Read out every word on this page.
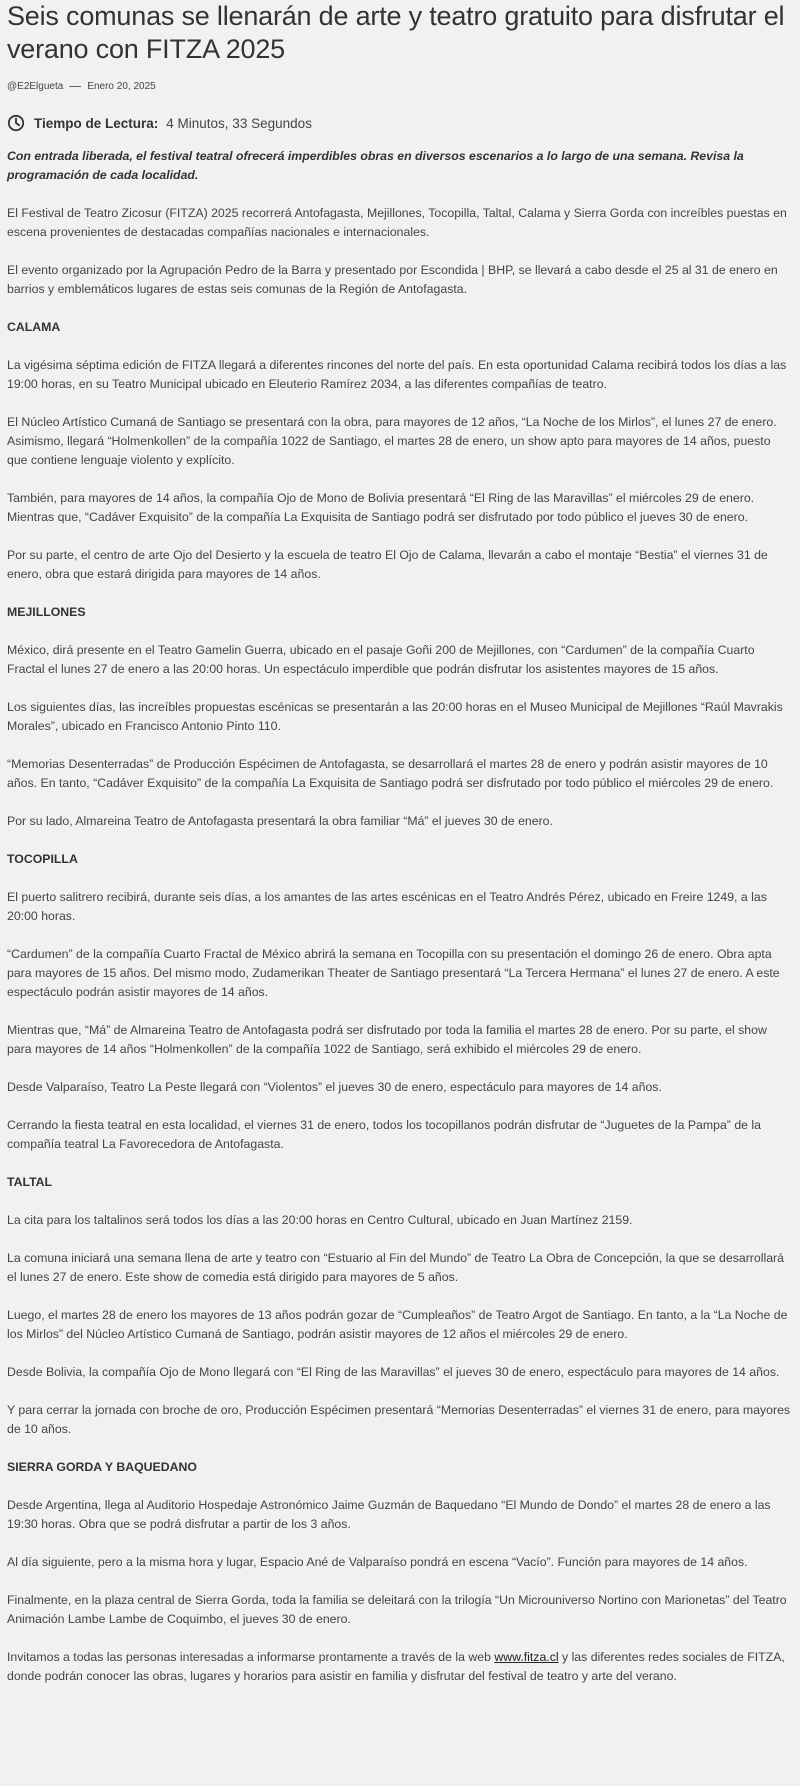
Seis comunas se llenarán de arte y teatro gratuito para disfrutar el verano con FITZA 2025
@E2Elgueta Enero 20, 2025
Tiempo de Lectura: 4 Minutos, 33 Segundos
Con entrada liberada, el festival teatral ofrecerá imperdibles obras en diversos escenarios a lo largo de una semana. Revisa la programación de cada localidad.

El Festival de Teatro Zicosur (FITZA) 2025 recorrerá Antofagasta, Mejillones, Tocopilla, Taltal, Calama y Sierra Gorda con increíbles puestas en escena provenientes de destacadas compañías nacionales e internacionales.

El evento organizado por la Agrupación Pedro de la Barra y presentado por Escondida | BHP, se llevará a cabo desde el 25 al 31 de enero en barrios y emblemáticos lugares de estas seis comunas de la Región de Antofagasta.

CALAMA

La vigésima séptima edición de FITZA llegará a diferentes rincones del norte del país. En esta oportunidad Calama recibirá todos los días a las 19:00 horas, en su Teatro Municipal ubicado en Eleuterio Ramírez 2034, a las diferentes compañías de teatro.

El Núcleo Artístico Cumaná de Santiago se presentará con la obra, para mayores de 12 años, “La Noche de los Mirlos”, el lunes 27 de enero. Asimismo, llegará “Holmenkollen” de la compañía 1022 de Santiago, el martes 28 de enero, un show apto para mayores de 14 años, puesto que contiene lenguaje violento y explícito.

También, para mayores de 14 años, la compañía Ojo de Mono de Bolivia presentará “El Ring de las Maravillas” el miércoles 29 de enero. Mientras que, “Cadáver Exquisito” de la compañía La Exquisita de Santiago podrá ser disfrutado por todo público el jueves 30 de enero.

Por su parte, el centro de arte Ojo del Desierto y la escuela de teatro El Ojo de Calama, llevarán a cabo el montaje “Bestia” el viernes 31 de enero, obra que estará dirigida para mayores de 14 años.

MEJILLONES

México, dirá presente en el Teatro Gamelin Guerra, ubicado en el pasaje Goñi 200 de Mejillones, con “Cardumen” de la compañía Cuarto Fractal el lunes 27 de enero a las 20:00 horas. Un espectáculo imperdible que podrán disfrutar los asistentes mayores de 15 años.

Los siguientes días, las increíbles propuestas escénicas se presentarán a las 20:00 horas en el Museo Municipal de Mejillones “Raúl Mavrakis Morales”, ubicado en Francisco Antonio Pinto 110.

“Memorias Desenterradas” de Producción Espécimen de Antofagasta, se desarrollará el martes 28 de enero y podrán asistir mayores de 10 años. En tanto, “Cadáver Exquisito” de la compañía La Exquisita de Santiago podrá ser disfrutado por todo público el miércoles 29 de enero.

Por su lado, Almareina Teatro de Antofagasta presentará la obra familiar “Má” el jueves 30 de enero.

TOCOPILLA

El puerto salitrero recibirá, durante seis días, a los amantes de las artes escénicas en el Teatro Andrés Pérez, ubicado en Freire 1249, a las 20:00 horas.

“Cardumen” de la compañía Cuarto Fractal de México abrirá la semana en Tocopilla con su presentación el domingo 26 de enero. Obra apta para mayores de 15 años. Del mismo modo, Zudamerikan Theater de Santiago presentará “La Tercera Hermana” el lunes 27 de enero. A este espectáculo podrán asistir mayores de 14 años.

Mientras que, “Má” de Almareina Teatro de Antofagasta podrá ser disfrutado por toda la familia el martes 28 de enero. Por su parte, el show para mayores de 14 años “Holmenkollen” de la compañía 1022 de Santiago, será exhibido el miércoles 29 de enero.

Desde Valparaíso, Teatro La Peste llegará con “Violentos” el jueves 30 de enero, espectáculo para mayores de 14 años.

Cerrando la fiesta teatral en esta localidad, el viernes 31 de enero, todos los tocopillanos podrán disfrutar de “Juguetes de la Pampa” de la compañía teatral La Favorecedora de Antofagasta.

TALTAL

La cita para los taltalinos será todos los días a las 20:00 horas en Centro Cultural, ubicado en Juan Martínez 2159.

La comuna iniciará una semana llena de arte y teatro con “Estuario al Fin del Mundo” de Teatro La Obra de Concepción, la que se desarrollará el lunes 27 de enero. Este show de comedia está dirigido para mayores de 5 años.

Luego, el martes 28 de enero los mayores de 13 años podrán gozar de “Cumpleaños” de Teatro Argot de Santiago. En tanto, a la “La Noche de los Mirlos” del Núcleo Artístico Cumaná de Santiago, podrán asistir mayores de 12 años el miércoles 29 de enero.

Desde Bolivia, la compañía Ojo de Mono llegará con “El Ring de las Maravillas” el jueves 30 de enero, espectáculo para mayores de 14 años.

Y para cerrar la jornada con broche de oro, Producción Espécimen presentará “Memorias Desenterradas” el viernes 31 de enero, para mayores de 10 años.

SIERRA GORDA Y BAQUEDANO

Desde Argentina, llega al Auditorio Hospedaje Astronómico Jaime Guzmán de Baquedano “El Mundo de Dondo” el martes 28 de enero a las 19:30 horas. Obra que se podrá disfrutar a partir de los 3 años.

Al día siguiente, pero a la misma hora y lugar, Espacio Ané de Valparaíso pondrá en escena “Vacío”. Función para mayores de 14 años.

Finalmente, en la plaza central de Sierra Gorda, toda la familia se deleitará con la trilogía “Un Microuniverso Nortino con Marionetas” del Teatro Animación Lambe Lambe de Coquimbo, el jueves 30 de enero.

Invitamos a todas las personas interesadas a informarse prontamente a través de la web www.fitza.cl y las diferentes redes sociales de FITZA, donde podrán conocer las obras, lugares y horarios para asistir en familia y disfrutar del festival de teatro y arte del verano.
